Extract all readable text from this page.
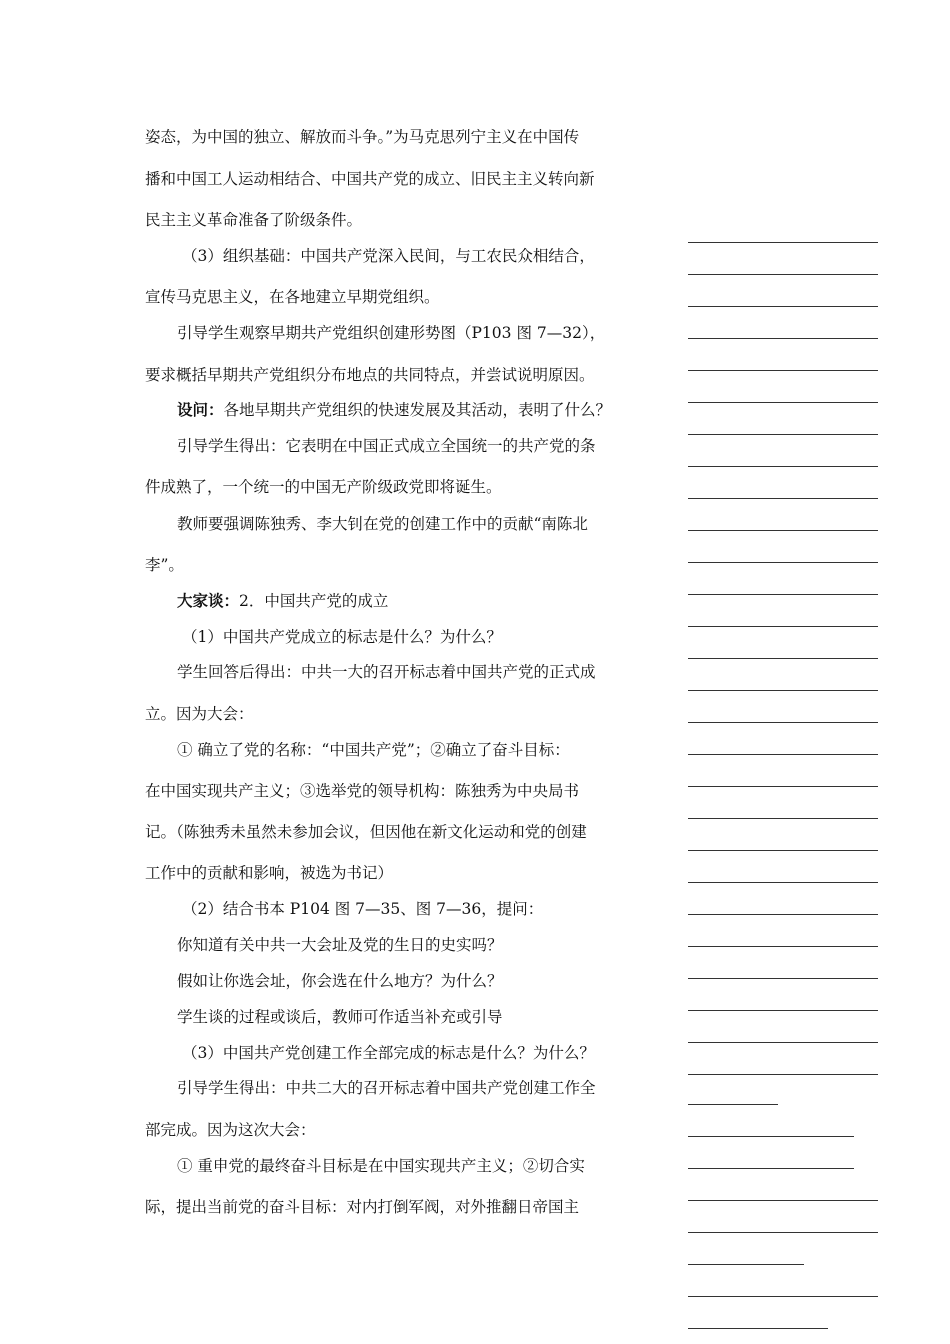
姿态，为中国的独立、解放而斗争。”为马克思列宁主义在中国传
播和中国工人运动相结合、中国共产党的成立、旧民主主义转向新
民主主义革命准备了阶级条件。
（3）组织基础：中国共产党深入民间，与工农民众相结合，
宣传马克思主义，在各地建立早期党组织。
引导学生观察早期共产党组织创建形势图（P103 图 7—32），
要求概括早期共产党组织分布地点的共同特点，并尝试说明原因。
设问：各地早期共产党组织的快速发展及其活动，表明了什么？
引导学生得出：它表明在中国正式成立全国统一的共产党的条
件成熟了，一个统一的中国无产阶级政党即将诞生。
教师要强调陈独秀、李大钊在党的创建工作中的贡献“南陈北
李”。
大家谈：2．中国共产党的成立
（1）中国共产党成立的标志是什么？为什么？
学生回答后得出：中共一大的召开标志着中国共产党的正式成
立。因为大会：
① 确立了党的名称：“中国共产党”；②确立了奋斗目标：
在中国实现共产主义；③选举党的领导机构：陈独秀为中央局书
记。（陈独秀未虽然未参加会议，但因他在新文化运动和党的创建
工作中的贡献和影响，被选为书记）
（2）结合书本 P104 图 7—35、图 7—36，提问：
你知道有关中共一大会址及党的生日的史实吗？
假如让你选会址，你会选在什么地方？为什么？
学生谈的过程或谈后，教师可作适当补充或引导
（3）中国共产党创建工作全部完成的标志是什么？为什么？
引导学生得出：中共二大的召开标志着中国共产党创建工作全
部完成。因为这次大会：
① 重申党的最终奋斗目标是在中国实现共产主义；②切合实
际，提出当前党的奋斗目标：对内打倒军阀，对外推翻日帝国主
